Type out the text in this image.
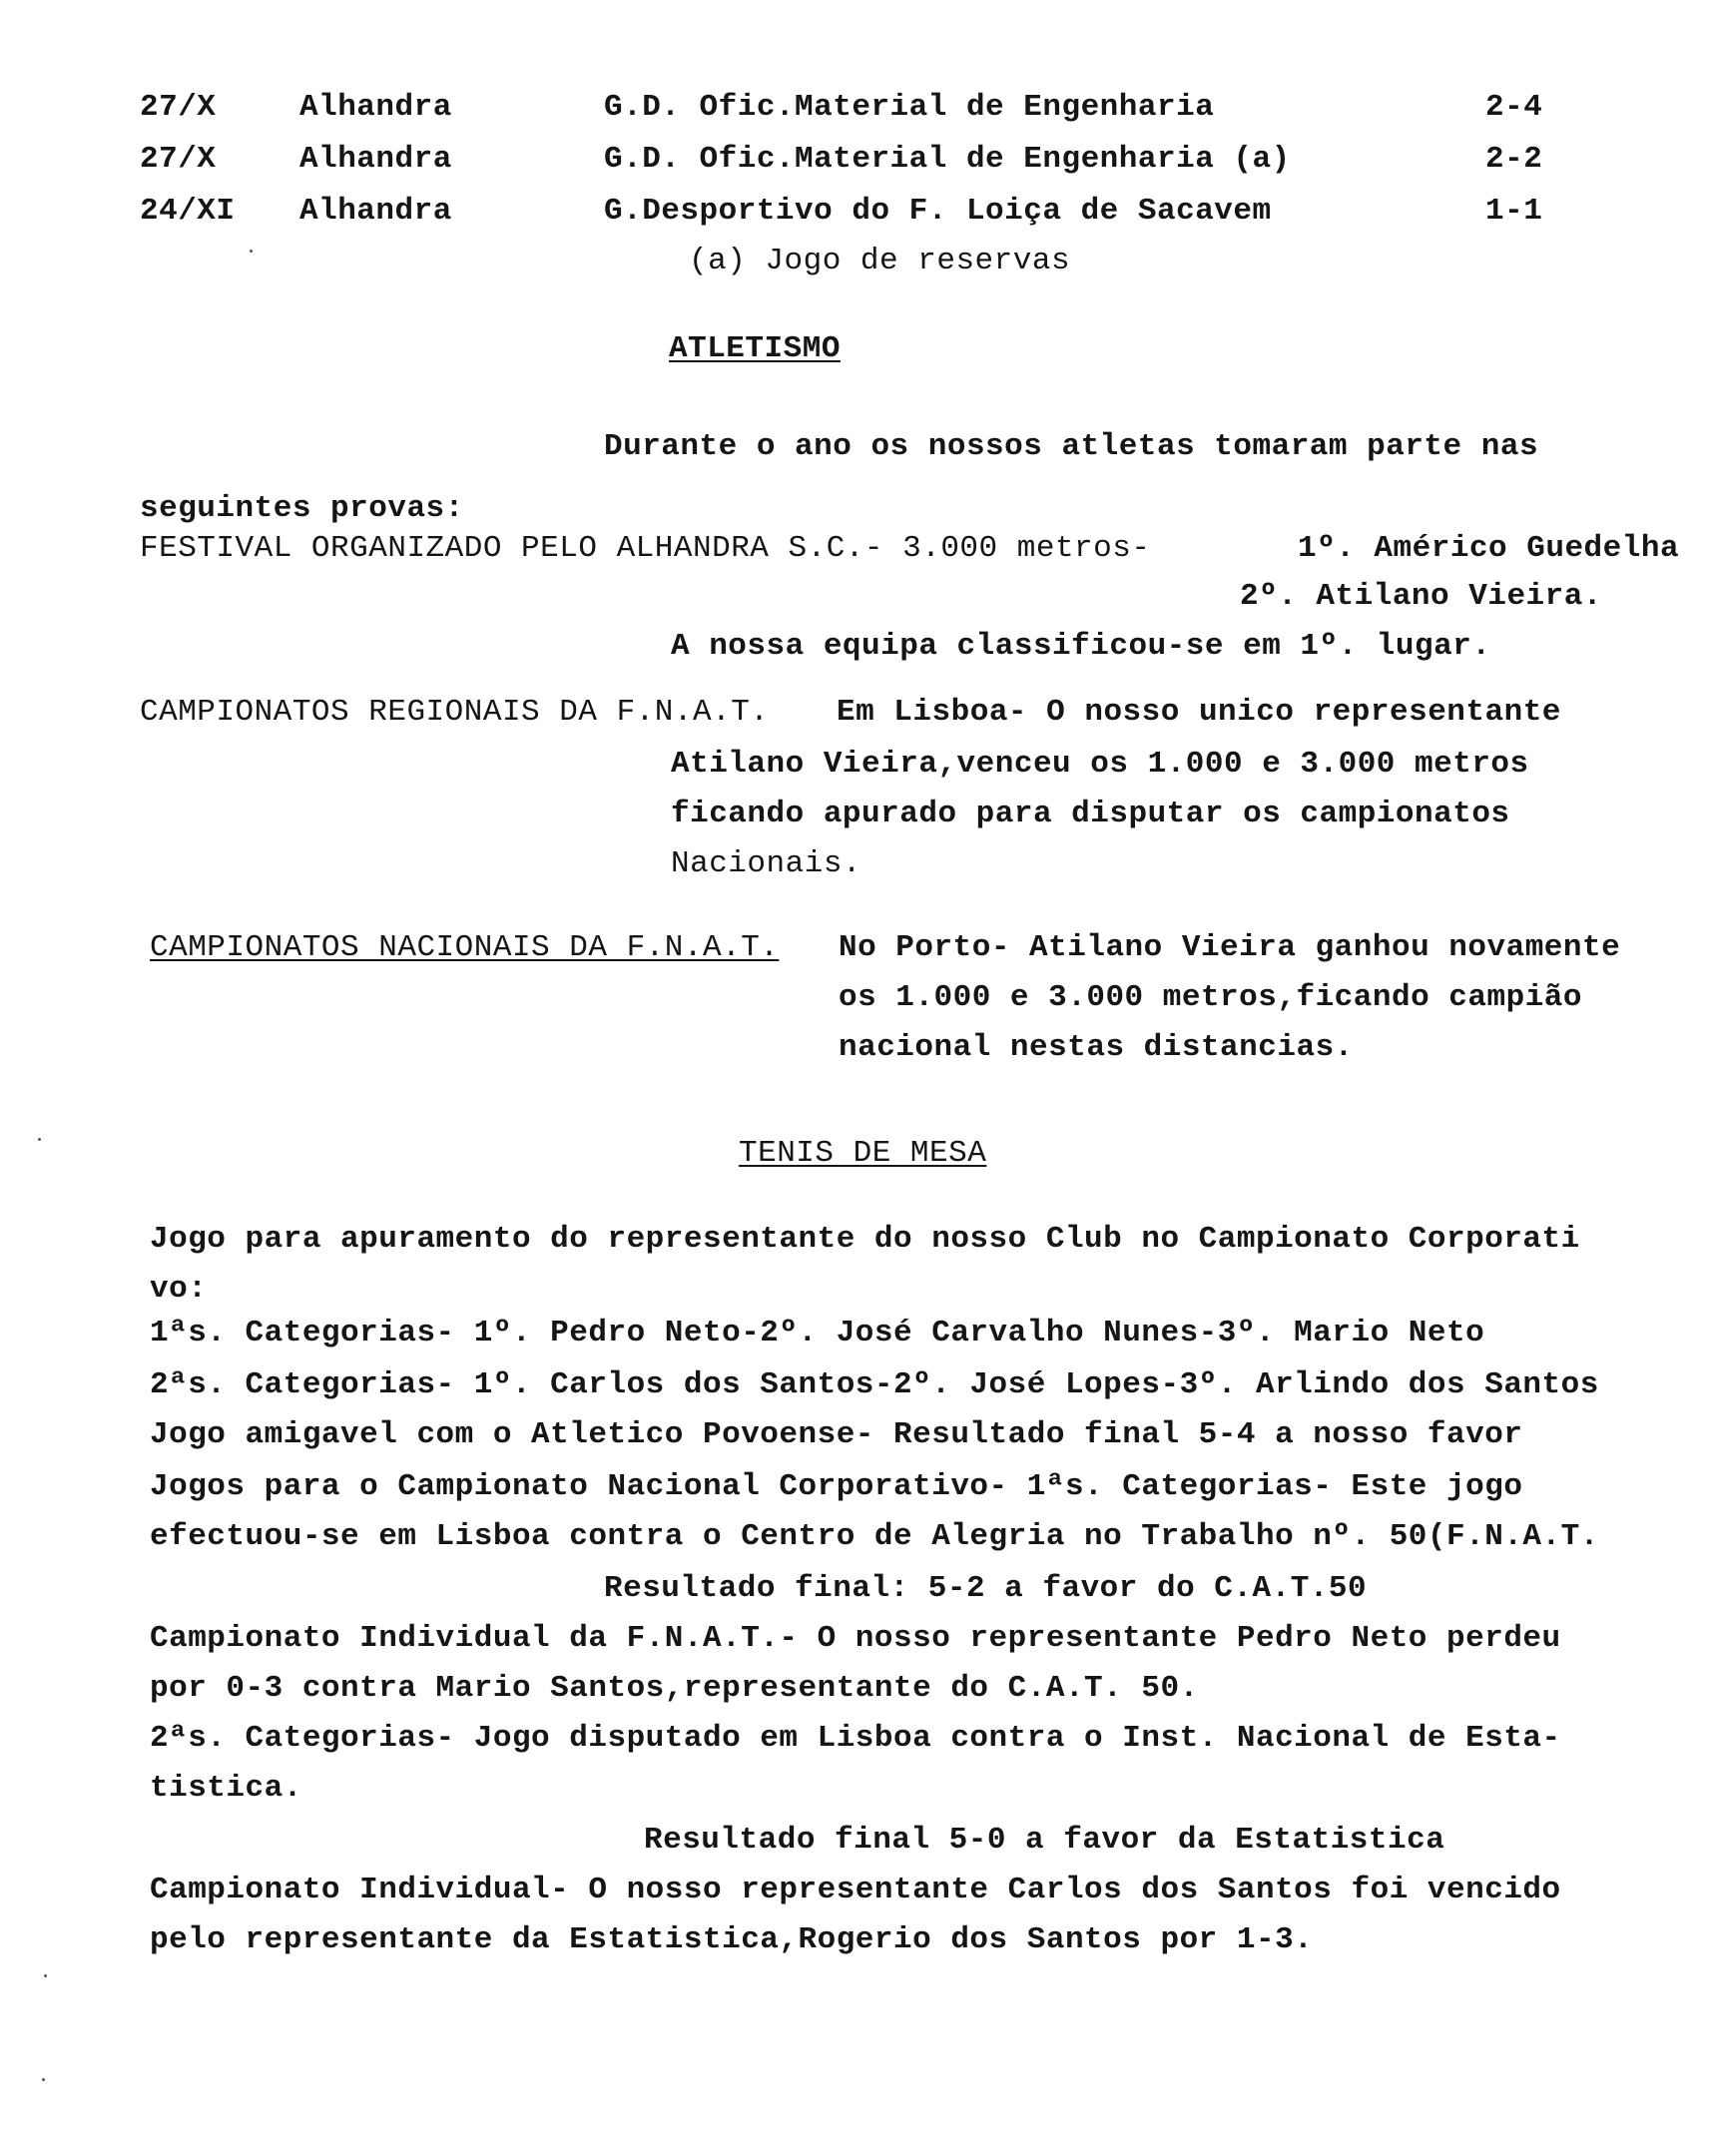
27/X	Alhandra	G.D. Ofic.Material de Engenharia	2-4
27/X	Alhandra	G.D. Ofic.Material de Engenharia (a)	2-2
24/XI Alhandra	G.Desportivo do F. Loiça de Sacavem	1-1
(a) Jogo de reservas
ATLETISMO
Durante o ano os nossos atletas tomaram parte nas
seguintes provas:
FESTIVAL ORGANIZADO PELO ALHANDRA S.C.- 3.000 metros-	1º. Américo Guedelha
2º. Atilano Vieira.
A nossa equipa classificou-se em 1º. lugar.
CAMPIONATOS REGIONAIS DA F.N.A.T. Em Lisboa- O nosso unico representante
Atilano Vieira,venceu os 1.000 e 3.000 metros
ficando apurado para disputar os campionatos
Nacionais.
CAMPIONATOS NACIONAIS DA F.N.A.T. No Porto- Atilano Vieira ganhou novamente
os 1.000 e 3.000 metros,ficando campião
nacional nestas distancias.
TENIS DE MESA
Jogo para apuramento do representante do nosso Club no Campionato Corporati
vo:
1ªs. Categorias- 1º. Pedro Neto-2º. José Carvalho Nunes-3º. Mario Neto
2ªs. Categorias- 1º. Carlos dos Santos-2º. José Lopes-3º. Arlindo dos Santos
Jogo amigavel com o Atletico Povoense- Resultado final 5-4 a nosso favor
Jogos para o Campionato Nacional Corporativo- 1ªs. Categorias- Este jogo
efectuou-se em Lisboa contra o Centro de Alegria no Trabalho nº. 50(F.N.A.T.
Resultado final: 5-2 a favor do C.A.T.50
Campionato Individual da F.N.A.T.- O nosso representante Pedro Neto perdeu
por 0-3 contra Mario Santos,representante do C.A.T. 50.
2ªs. Categorias- Jogo disputado em Lisboa contra o Inst. Nacional de Esta-
tistica.
Resultado final 5-0 a favor da Estatistica
Campionato Individual- O nosso representante Carlos dos Santos foi vencido
pelo representante da Estatistica,Rogerio dos Santos por 1-3.
